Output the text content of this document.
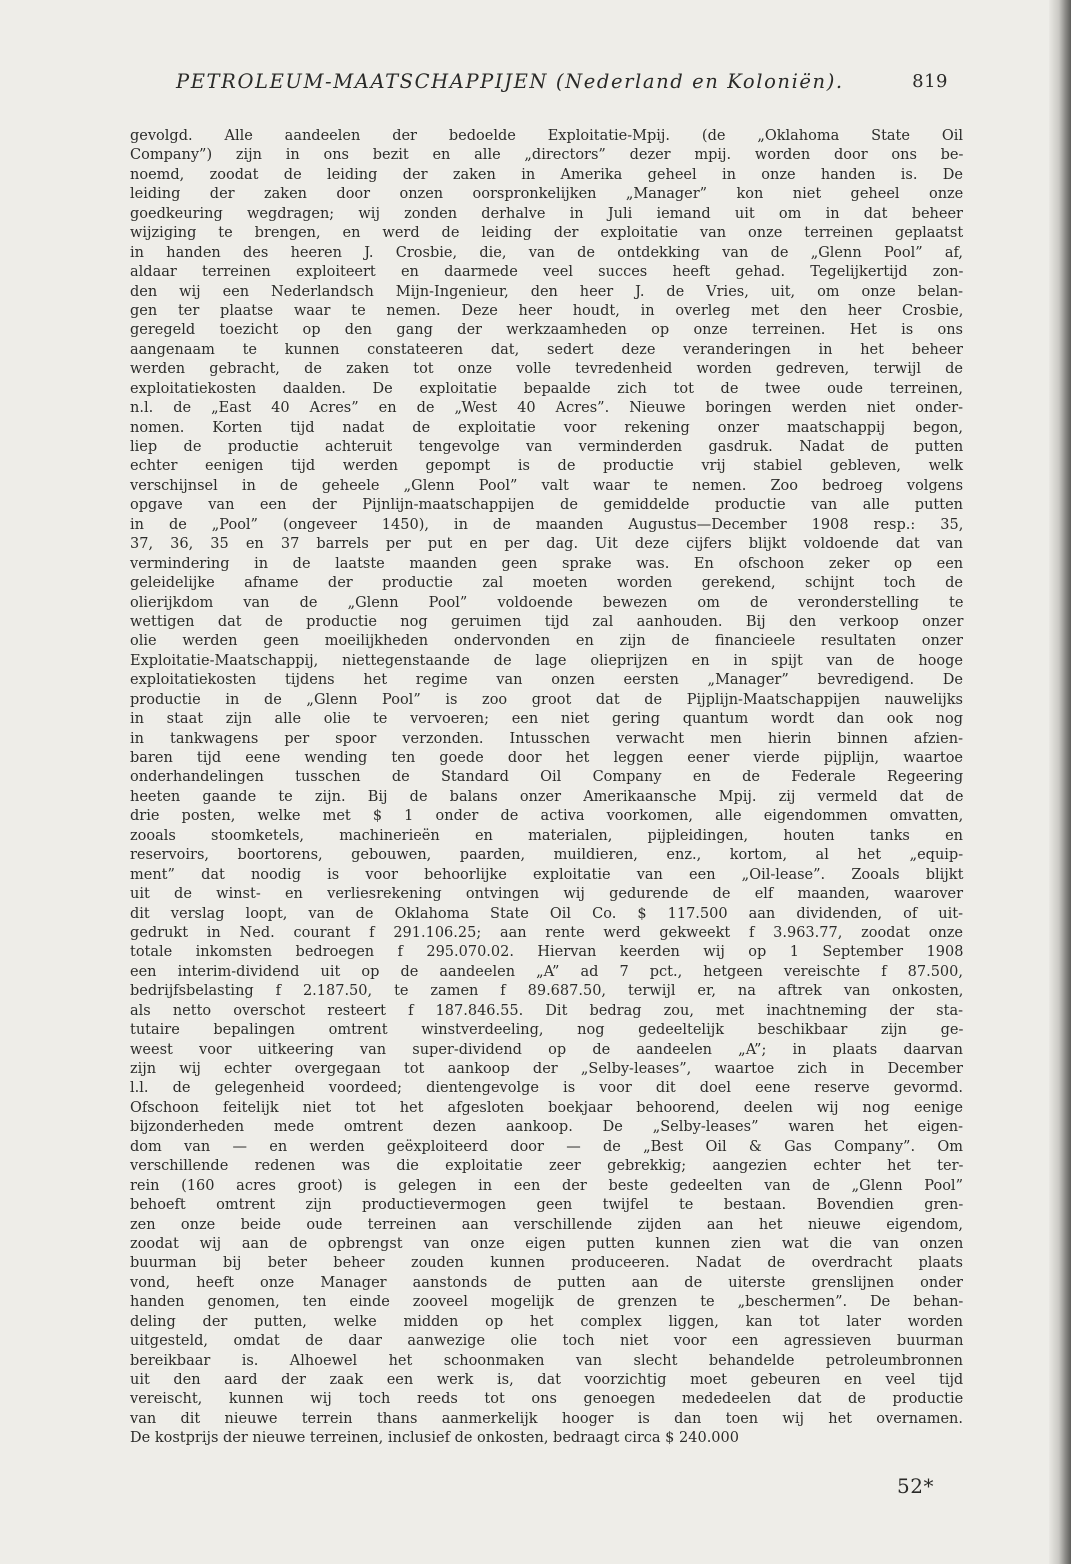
PETROLEUM-MAATSCHAPPIJEN (Nederland en Koloniën).	819
gevolgd. Alle aandeelen der bedoelde Exploitatie-Mpij. (de „Oklahoma State Oil
Company”) zijn in ons bezit en alle „directors” dezer mpij. worden door ons be-
noemd, zoodat de leiding der zaken in Amerika geheel in onze handen is. De
leiding der zaken door onzen oorspronkelijken „Manager” kon niet geheel onze
goedkeuring wegdragen; wij zonden derhalve in Juli iemand uit om in dat beheer
wijziging te brengen, en werd de leiding der exploitatie van onze terreinen geplaatst
in handen des heeren J. Crosbie, die, van de ontdekking van de „Glenn Pool” af,
aldaar terreinen exploiteert en daarmede veel succes heeft gehad. Tegelijkertijd zon-
den wij een Nederlandsch Mijn-Ingenieur, den heer J. de Vries, uit, om onze belan-
gen ter plaatse waar te nemen. Deze heer houdt, in overleg met den heer Crosbie,
geregeld toezicht op den gang der werkzaamheden op onze terreinen. Het is ons
aangenaam te kunnen constateeren dat, sedert deze veranderingen in het beheer
werden gebracht, de zaken tot onze volle tevredenheid worden gedreven, terwijl de
exploitatiekosten daalden. De exploitatie bepaalde zich tot de twee oude terreinen,
n.l. de „East 40 Acres” en de „West 40 Acres”. Nieuwe boringen werden niet onder-
nomen. Korten tijd nadat de exploitatie voor rekening onzer maatschappij begon,
liep de productie achteruit tengevolge van verminderden gasdruk. Nadat de putten
echter eenigen tijd werden gepompt is de productie vrij stabiel gebleven, welk
verschijnsel in de geheele „Glenn Pool” valt waar te nemen. Zoo bedroeg volgens
opgave van een der Pijnlijn-maatschappijen de gemiddelde productie van alle putten
in de „Pool” (ongeveer 1450), in de maanden Augustus—December 1908 resp.: 35,
37, 36, 35 en 37 barrels per put en per dag. Uit deze cijfers blijkt voldoende dat van
vermindering in de laatste maanden geen sprake was. En ofschoon zeker op een
geleidelijke afname der productie zal moeten worden gerekend, schijnt toch de
olierijkdom van de „Glenn Pool” voldoende bewezen om de veronderstelling te
wettigen dat de productie nog geruimen tijd zal aanhouden. Bij den verkoop onzer
olie werden geen moeilijkheden ondervonden en zijn de financieele resultaten onzer
Exploitatie-Maatschappij, niettegenstaande de lage olieprijzen en in spijt van de hooge
exploitatiekosten tijdens het regime van onzen eersten „Manager” bevredigend. De
productie in de „Glenn Pool” is zoo groot dat de Pijplijn-Maatschappijen nauwelijks
in staat zijn alle olie te vervoeren; een niet gering quantum wordt dan ook nog
in tankwagens per spoor verzonden. Intusschen verwacht men hierin binnen afzien-
baren tijd eene wending ten goede door het leggen eener vierde pijplijn, waartoe
onderhandelingen tusschen de Standard Oil Company en de Federale Regeering
heeten gaande te zijn. Bij de balans onzer Amerikaansche Mpij. zij vermeld dat de
drie posten, welke met $ 1 onder de activa voorkomen, alle eigendommen omvatten,
zooals stoomketels, machinerieën en materialen, pijpleidingen, houten tanks en
reservoirs, boortorens, gebouwen, paarden, muildieren, enz., kortom, al het „equip-
ment” dat noodig is voor behoorlijke exploitatie van een „Oil-lease”. Zooals blijkt
uit de winst- en verliesrekening ontvingen wij gedurende de elf maanden, waarover
dit verslag loopt, van de Oklahoma State Oil Co. $ 117.500 aan dividenden, of uit-
gedrukt in Ned. courant f 291.106.25; aan rente werd gekweekt f 3.963.77, zoodat onze
totale inkomsten bedroegen f 295.070.02. Hiervan keerden wij op 1 September 1908
een interim-dividend uit op de aandeelen „A” ad 7 pct., hetgeen vereischte f 87.500,
bedrijfsbelasting f 2.187.50, te zamen f 89.687.50, terwijl er, na aftrek van onkosten,
als netto overschot resteert f 187.846.55. Dit bedrag zou, met inachtneming der sta-
tutaire bepalingen omtrent winstverdeeling, nog gedeeltelijk beschikbaar zijn ge-
weest voor uitkeering van super-dividend op de aandeelen „A”; in plaats daarvan
zijn wij echter overgegaan tot aankoop der „Selby-leases”, waartoe zich in December
l.l. de gelegenheid voordeed; dientengevolge is voor dit doel eene reserve gevormd.
Ofschoon feitelijk niet tot het afgesloten boekjaar behoorend, deelen wij nog eenige
bijzonderheden mede omtrent dezen aankoop. De „Selby-leases” waren het eigen-
dom van — en werden geëxploiteerd door — de „Best Oil & Gas Company”. Om
verschillende redenen was die exploitatie zeer gebrekkig; aangezien echter het ter-
rein (160 acres groot) is gelegen in een der beste gedeelten van de „Glenn Pool”
behoeft omtrent zijn productievermogen geen twijfel te bestaan. Bovendien gren-
zen onze beide oude terreinen aan verschillende zijden aan het nieuwe eigendom,
zoodat wij aan de opbrengst van onze eigen putten kunnen zien wat die van onzen
buurman bij beter beheer zouden kunnen produceeren. Nadat de overdracht plaats
vond, heeft onze Manager aanstonds de putten aan de uiterste grenslijnen onder
handen genomen, ten einde zooveel mogelijk de grenzen te „beschermen”. De behan-
deling der putten, welke midden op het complex liggen, kan tot later worden
uitgesteld, omdat de daar aanwezige olie toch niet voor een agressieven buurman
bereikbaar is. Alhoewel het schoonmaken van slecht behandelde petroleumbronnen
uit den aard der zaak een werk is, dat voorzichtig moet gebeuren en veel tijd
vereischt, kunnen wij toch reeds tot ons genoegen mededeelen dat de productie
van dit nieuwe terrein thans aanmerkelijk hooger is dan toen wij het overnamen.
De kostprijs der nieuwe terreinen, inclusief de onkosten, bedraagt circa $ 240.000
52*
